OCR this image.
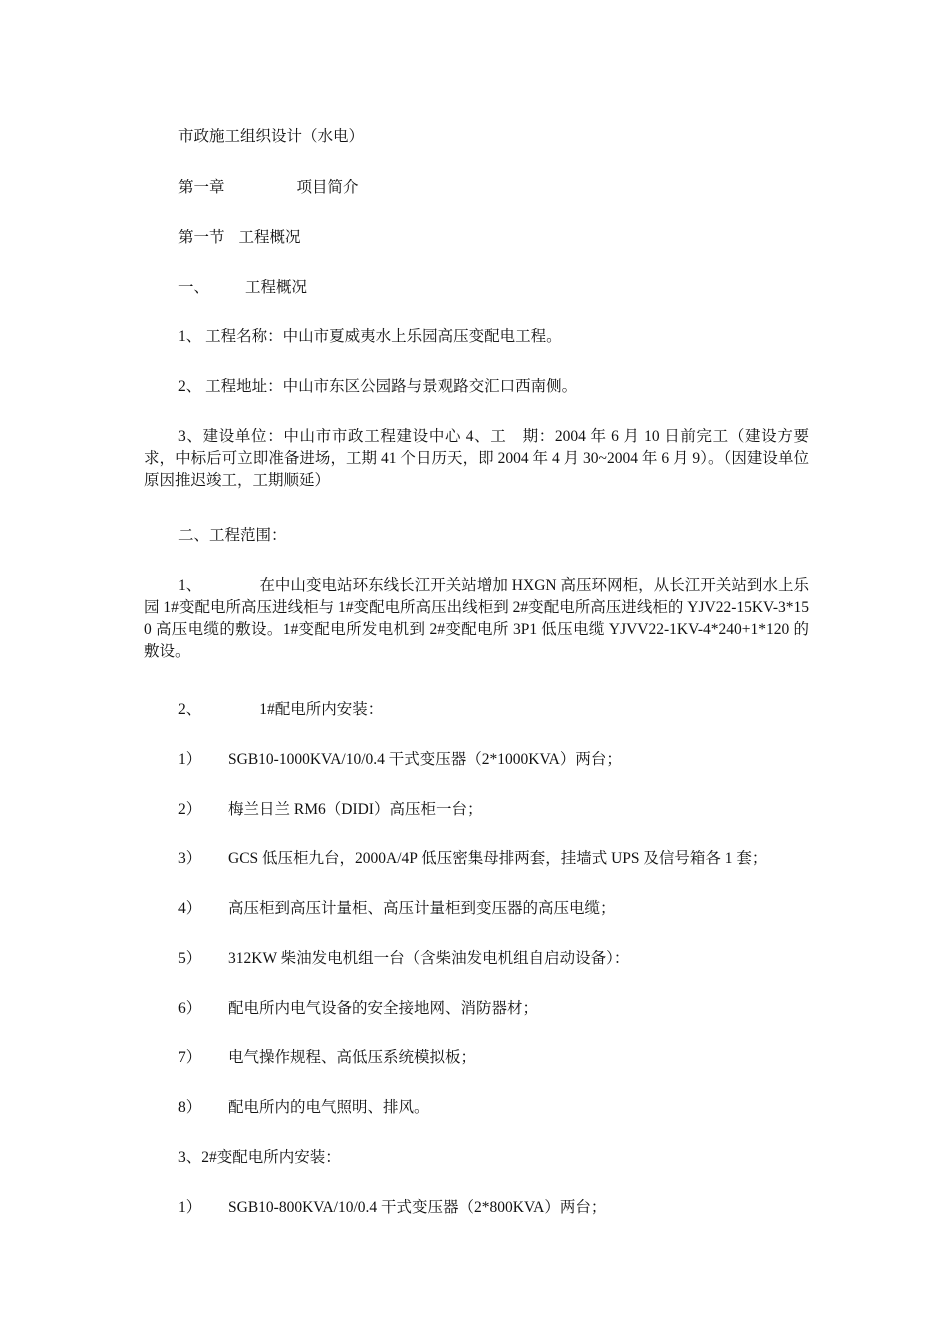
市政施工组织设计（水电）

第一章	项目简介

第一节 工程概况

一、 工程概况

1、 工程名称：中山市夏威夷水上乐园高压变配电工程。

2、 工程地址：中山市东区公园路与景观路交汇口西南侧。

3、建设单位：中山市市政工程建设中心 4、工　期：2004 年 6 月 10 日前完工（建设方要求，中标后可立即准备进场，工期 41 个日历天，即 2004 年 4 月 30~2004 年 6 月 9）。（因建设单位原因推迟竣工，工期顺延）

二、工程范围：

1、	在中山变电站环东线长江开关站增加 HXGN 高压环网柜，从长江开关站到水上乐园 1#变配电所高压进线柜与 1#变配电所高压出线柜到 2#变配电所高压进线柜的 YJV22-15KV-3*150 高压电缆的敷设。1#变配电所发电机到 2#变配电所 3P1 低压电缆 YJVV22-1KV-4*240+1*120 的敷设。

2、	1#配电所内安装：

1） SGB10-1000KVA/10/0.4 干式变压器（2*1000KVA）两台；

2） 梅兰日兰 RM6（DIDI）高压柜一台；

3） GCS 低压柜九台，2000A/4P 低压密集母排两套，挂墙式 UPS 及信号箱各 1 套；

4） 高压柜到高压计量柜、高压计量柜到变压器的高压电缆；

5） 312KW 柴油发电机组一台（含柴油发电机组自启动设备）：

6） 配电所内电气设备的安全接地网、消防器材；

7） 电气操作规程、高低压系统模拟板；

8） 配电所内的电气照明、排风。

3、2#变配电所内安装：

1） SGB10-800KVA/10/0.4 干式变压器（2*800KVA）两台；
